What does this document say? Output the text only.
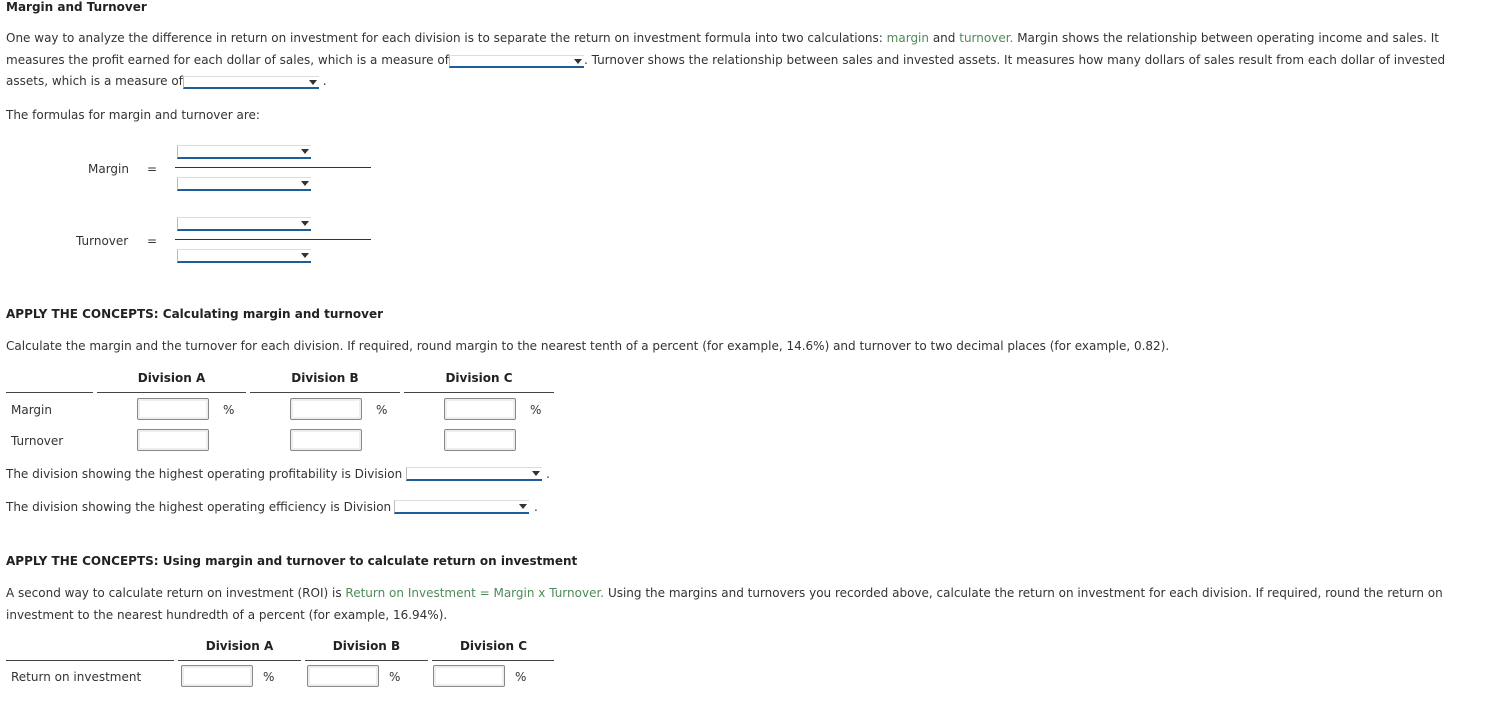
Margin and Turnover
One way to analyze the difference in return on investment for each division is to separate the return on investment formula into two calculations: margin and turnover. Margin shows the relationship between operating income and sales. It measures the profit earned for each dollar of sales, which is a measure of	. Turnover shows the relationship between sales and invested assets. It measures how many dollars of sales result from each dollar of invested assets, which is a measure of	.
The formulas for margin and turnover are:
Margin =
Turnover =
APPLY THE CONCEPTS: Calculating margin and turnover
Calculate the margin and the turnover for each division. If required, round margin to the nearest tenth of a percent (for example, 14.6%) and turnover to two decimal places (for example, 0.82).
Division A	Division B	Division C
Margin	%	%	%
Turnover
The division showing the highest operating profitability is Division	.
The division showing the highest operating efficiency is Division	.
APPLY THE CONCEPTS: Using margin and turnover to calculate return on investment
A second way to calculate return on investment (ROI) is Return on Investment = Margin x Turnover. Using the margins and turnovers you recorded above, calculate the return on investment for each division. If required, round the return on investment to the nearest hundredth of a percent (for example, 16.94%).
Division A	Division B	Division C
Return on investment	%	%	%
